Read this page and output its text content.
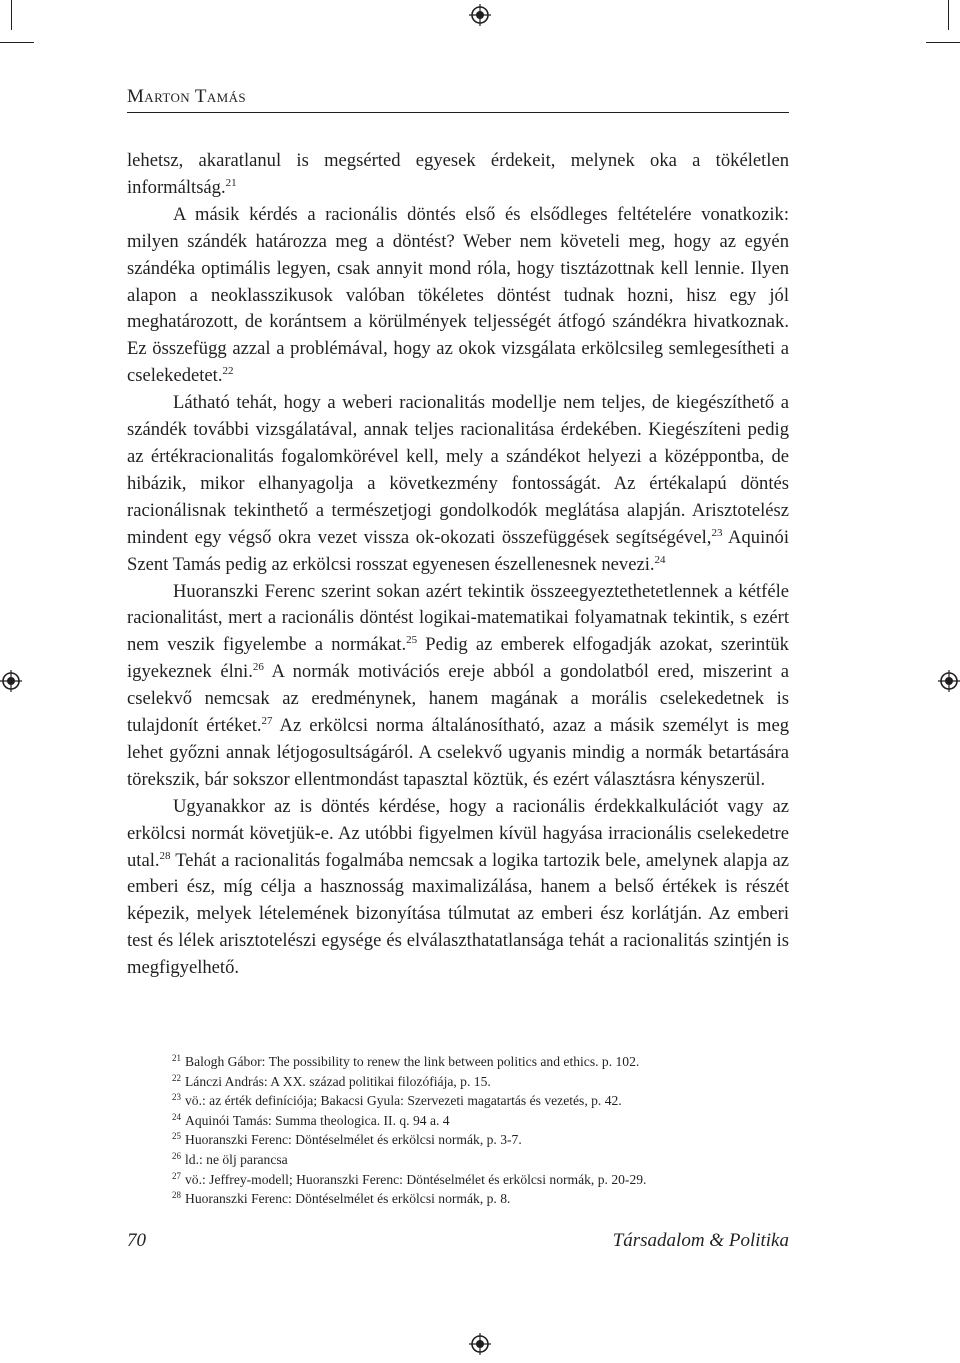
Marton Tamás

lehetsz, akaratlanul is megsérted egyesek érdekeit, melynek oka a tökéletlen informáltság.$^{21}$

A másik kérdés a racionális döntés első és elsődleges feltételére vonatkozik: milyen szándék határozza meg a döntést? Weber nem követeli meg, hogy az egyén szándéka optimális legyen, csak annyit mond róla, hogy tisztázottnak kell lennie. Ilyen alapon a neoklasszikusok valóban tökéletes döntést tudnak hozni, hisz egy jól meghatározott, de korántsem a körülmények teljességét átfogó szándékra hivatkoznak. Ez összefügg azzal a problémával, hogy az okok vizsgálata erkölcsileg semlegesítheti a cselekedetet.$^{22}$

Látható tehát, hogy a weberi racionalitás modellje nem teljes, de kiegészíthető a szándék további vizsgálatával, annak teljes racionalitása érdekében. Kiegészíteni pedig az értékracionalitás fogalomkörével kell, mely a szándékot helyezi a középpontba, de hibázik, mikor elhanyagolja a következmény fontosságát. Az értékalapú döntés racionálisnak tekinthető a természetjogi gondolkodók meglátása alapján. Arisztotelész mindent egy végső okra vezet vissza ok-okozati összefüggések segítségével,$^{23}$ Aquinói Szent Tamás pedig az erkölcsi rosszat egyenesen észellenesnek nevezi.$^{24}$

Huoranszki Ferenc szerint sokan azért tekintik összeegyeztethetetlennek a kétféle racionalitást, mert a racionális döntést logikai-matematikai folyamatnak tekintik, s ezért nem veszik figyelembe a normákat.$^{25}$ Pedig az emberek elfogadják azokat, szerintük igyekeznek élni.$^{26}$ A normák motivációs ereje abból a gondolatból ered, miszerint a cselekvő nemcsak az eredménynek, hanem magának a morális cselekedetnek is tulajdonít értéket.$^{27}$ Az erkölcsi norma általánosítható, azaz a másik személyt is meg lehet győzni annak létjogosultságáról. A cselekvő ugyanis mindig a normák betartására törekszik, bár sokszor ellentmondást tapasztal köztük, és ezért választásra kényszerül.

Ugyanakkor az is döntés kérdése, hogy a racionális érdekkalkulációt vagy az erkölcsi normát követjük-e. Az utóbbi figyelmen kívül hagyása irracionális cselekedetre utal.$^{28}$ Tehát a racionalitás fogalmába nemcsak a logika tartozik bele, amelynek alapja az emberi ész, míg célja a hasznosság maximalizálása, hanem a belső értékek is részét képezik, melyek lételemének bizonyítása túlmutat az emberi ész korlátján. Az emberi test és lélek arisztotelészi egysége és elválaszthatatlansága tehát a racionalitás szintjén is megfigyelhető.

$^{21}$ Balogh Gábor: The possibility to renew the link between politics and ethics. p. 102.
$^{22}$ Lánczi András: A XX. század politikai filozófiája, p. 15.
$^{23}$ vö.: az érték definíciója; Bakacsi Gyula: Szervezeti magatartás és vezetés, p. 42.
$^{24}$ Aquinói Tamás: Summa theologica. II. q. 94 a. 4
$^{25}$ Huoranszki Ferenc: Döntéselmélet és erkölcsi normák, p. 3-7.
$^{26}$ ld.: ne ölj parancsa
$^{27}$ vö.: Jeffrey-modell; Huoranszki Ferenc: Döntéselmélet és erkölcsi normák, p. 20-29.
$^{28}$ Huoranszki Ferenc: Döntéselmélet és erkölcsi normák, p. 8.
70	Társadalom & Politika
